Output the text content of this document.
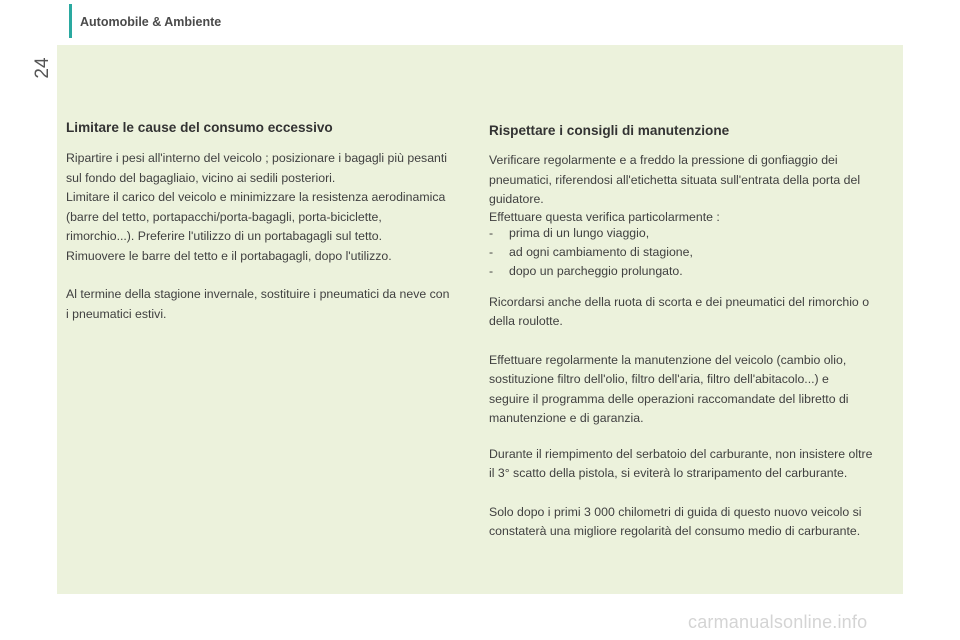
Automobile & Ambiente
24
Limitare le cause del consumo eccessivo

Ripartire i pesi all'interno del veicolo ; posizionare i bagagli più pesanti
sul fondo del bagagliaio, vicino ai sedili posteriori.
Limitare il carico del veicolo e minimizzare la resistenza aerodinamica
(barre del tetto, portapacchi/porta-bagagli, porta-biciclette,
rimorchio...). Preferire l'utilizzo di un portabagagli sul tetto.
Rimuovere le barre del tetto e il portabagagli, dopo l'utilizzo.

Al termine della stagione invernale, sostituire i pneumatici da neve con
i pneumatici estivi.

Rispettare i consigli di manutenzione

Verificare regolarmente e a freddo la pressione di gonfiaggio dei
pneumatici, riferendosi all'etichetta situata sull'entrata della porta del
guidatore.

Effettuare questa verifica particolarmente :

- prima di un lungo viaggio,
- ad ogni cambiamento di stagione,
- dopo un parcheggio prolungato.

Ricordarsi anche della ruota di scorta e dei pneumatici del rimorchio o
della roulotte.

Effettuare regolarmente la manutenzione del veicolo (cambio olio,
sostituzione filtro dell'olio, filtro dell'aria, filtro dell'abitacolo...) e
seguire il programma delle operazioni raccomandate del libretto di
manutenzione e di garanzia.

Durante il riempimento del serbatoio del carburante, non insistere oltre
il 3° scatto della pistola, si eviterà lo straripamento del carburante.

Solo dopo i primi 3 000 chilometri di guida di questo nuovo veicolo si
constaterà una migliore regolarità del consumo medio di carburante.

carmanualsonline.info
